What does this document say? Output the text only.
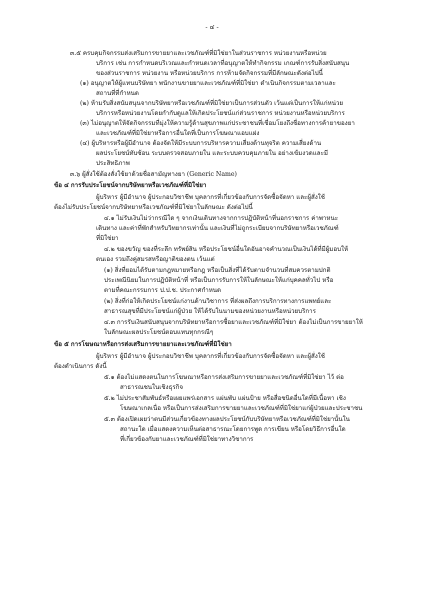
- ๔ -
๓.๕ ครบคุมกิจกรรมส่งเสริมการขายยาและเวชภัณฑ์ที่มิใช่ยาในส่วนราชการ หน่วยงานหรือหน่วย
บริการ เช่น การกำหนดบริเวณและกำหนดเวลาที่อนุญาตให้ทำกิจกรรม เกณฑ์การรับสิ่งสนับสนุน
ของส่วนราชการ หน่วยงาน หรือหน่วยบริการ การห้ามจัดกิจกรรมที่มีลักษณะดังต่อไปนี้
(๑) อนุญาตให้ผู้แทนบริษัทยา พนักงานขายยาและเวชภัณฑ์ที่มิใช่ยา ดำเนินกิจกรรมตามเวลาและ
สถานที่ที่กำหนด
(๒) ห้ามรับสิ่งสนับสนุนจากบริษัทยาหรือเวชภัณฑ์ที่มิใช่ยาเป็นการส่วนตัว เว้นแต่เป็นการให้แก่หน่วย
บริการหรือหน่วยงานโดยกำกับดูแลให้เกิดประโยชน์แก่ส่วนราชการ หน่วยงานหรือหน่วยบริการ
(๓) ไม่อนุญาตให้จัดกิจกรรมที่มุ่งให้ความรู้ด้านสุขภาพแก่ประชาชนที่เชื่อมโยงถึงชื่อทางการค้ายาของยา
และเวชภัณฑ์ที่มิใช่ยาหรือการอื่นใดที่เป็นการโฆษณาแอบแฝง
(๔) ผู้บริหารหรือผู้มีอำนาจ ต้องจัดให้มีระบบการบริหารความเสี่ยงด้านทุจริต ความเสี่ยงด้าน
ผลประโยชน์ทับซ้อน ระบบตรวจสอบภายใน และระบบควบคุมภายใน อย่างเข้มงวดและมี
ประสิทธิภาพ
๓.๖ ผู้สั่งใช้ต้องสั่งใช้ยาด้วยชื่อสามัญทางยา (Generic Name)
ข้อ ๔ การรับประโยชน์จากบริษัทยาหรือเวชภัณฑ์ที่มิใช่ยา
ผู้บริหาร ผู้มีอำนาจ ผู้ประกอบวิชาชีพ บุคลากรที่เกี่ยวข้องกับการจัดซื้อจัดหา และผู้สั่งใช้
ต้องไม่รับประโยชน์จากบริษัทยาหรือเวชภัณฑ์ที่มิใช่ยาในลักษณะ ดังต่อไปนี้
๔.๑ ไม่รับเงินไม่ว่ากรณีใด ๆ จากเงินเดินทางจากการปฏิบัติหน้าที่นอกราชการ ค่าพาหนะ
เดินทาง และค่าที่พักสำหรับวิทยากรเท่านั้น และเงินที่ไม่ถูกระเบียบจากบริษัทยาหรือเวชภัณฑ์
ที่มิใช่ยา
๔.๒ ของขวัญ ของที่ระลึก ทรัพย์สิน หรือประโยชน์อื่นใดอันอาจคำนวณเป็นเงินได้ที่มีผู้มอบให้
ตนเอง รวมถึงคู่สมรสหรือญาติของตน เว้นแต่
(๑) สิ่งที่ยอมได้รับตามกฎหมายหรือกฎ หรือเป็นสิ่งที่ได้รับตามจำนวนที่สมควรตามปกติ
ประเพณีนิยมในการปฏิบัติหน้าที่ หรือเป็นการรับการให้ในลักษณะให้แก่บุคคลทั่วไป หรือ
ตามที่คณะกรรมการ ป.ป.ช. ประกาศกำหนด
(๒) สิ่งที่ก่อให้เกิดประโยชน์แก่งานด้านวิชาการ ที่ส่งผลถึงการบริการทางการแพทย์และ
สาธารณสุขที่มีประโยชน์แก่ผู้ป่วย ให้ได้รับในนามของหน่วยงานหรือหน่วยบริการ
๔.๓ การรับเงินสนับสนุนจากบริษัทยาหรือการซื้อยาและเวชภัณฑ์ที่มิใช่ยา ต้องไม่เป็นการขายยาให้
ในลักษณะผลประโยชน์ตอบแทนทุกกรณีๆ
ข้อ ๕ การโฆษณาหรือการส่งเสริมการขายยาและเวชภัณฑ์ที่มิใช่ยา
ผู้บริหาร ผู้มีอำนาจ ผู้ประกอบวิชาชีพ บุคลากรที่เกี่ยวข้องกับการจัดซื้อจัดหา และผู้สั่งใช้
ต้องดำเนินการ ดังนี้
๕.๑ ต้องไม่แสดงตนในการโฆษณาหรือการส่งเสริมการขายยาและเวชภัณฑ์ที่มิใช่ยา ไว้ ต่อ
สาธารณชนในเชิงธุรกิจ
๕.๒ ไม่ประชาสัมพันธ์หรือเผยแพร่เอกสาร แผ่นพับ แผ่นป้าย หรือสื่อชนิดอื่นใดที่มีเนื้อหา เชิง
โฆษณาเกลเนื่อ หรือเป็นการส่งเสริมการขายยาและเวชภัณฑ์ที่มิใช่ยาแก่ผู้ป่วยและประชาชน
๕.๓ ต้องเปิดเผยว่าตนมีส่วนเกี่ยวข้องทางผลประโยชน์กับบริษัทยาหรือเวชภัณฑ์ที่มิใช่ยานั้นใน
สถานะใด เมื่อแสดงความเห็นต่อสาธารณะโดยการพูด การเขียน หรือโดยวิธีการอื่นใด
ที่เกี่ยวข้องกับยาและเวชภัณฑ์ที่มิใช่ยาทางวิชาการ
